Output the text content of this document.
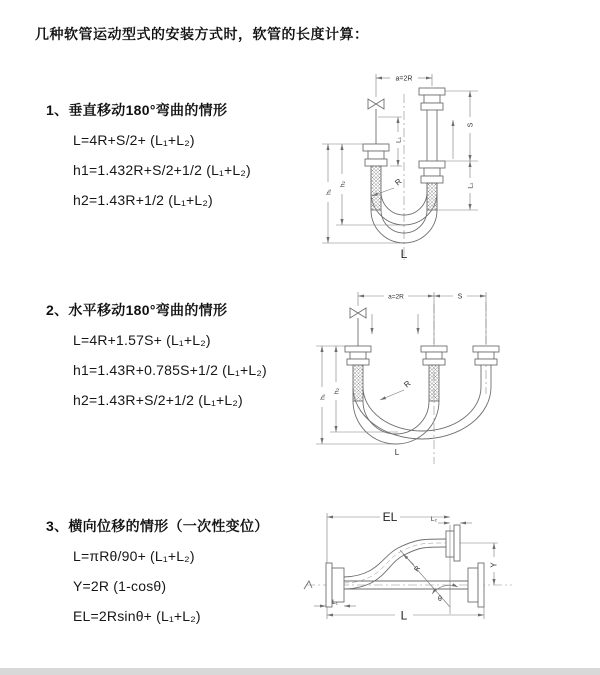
几种软管运动型式的安装方式时，软管的长度计算：
1、垂直移动180°弯曲的情形
L=4R+S/2+ (L₁+L₂)
h1=1.432R+S/2+1/2 (L₁+L₂)
h2=1.43R+1/2 (L₁+L₂)
2、水平移动180°弯曲的情形
L=4R+1.57S+ (L₁+L₂)
h1=1.43R+0.785S+1/2 (L₁+L₂)
h2=1.43R+S/2+1/2 (L₁+L₂)
3、横向位移的情形（一次性变位）
L=πRθ/90+ (L₁+L₂)
Y=2R (1-cosθ)
EL=2Rsinθ+ (L₁+L₂)
a=2R
S
L₂
h₁
h₂
L₁
R
L
a=2R	S
h₁
h₂
R
L
θ
R
EL	L₂
Y
L
L₁
